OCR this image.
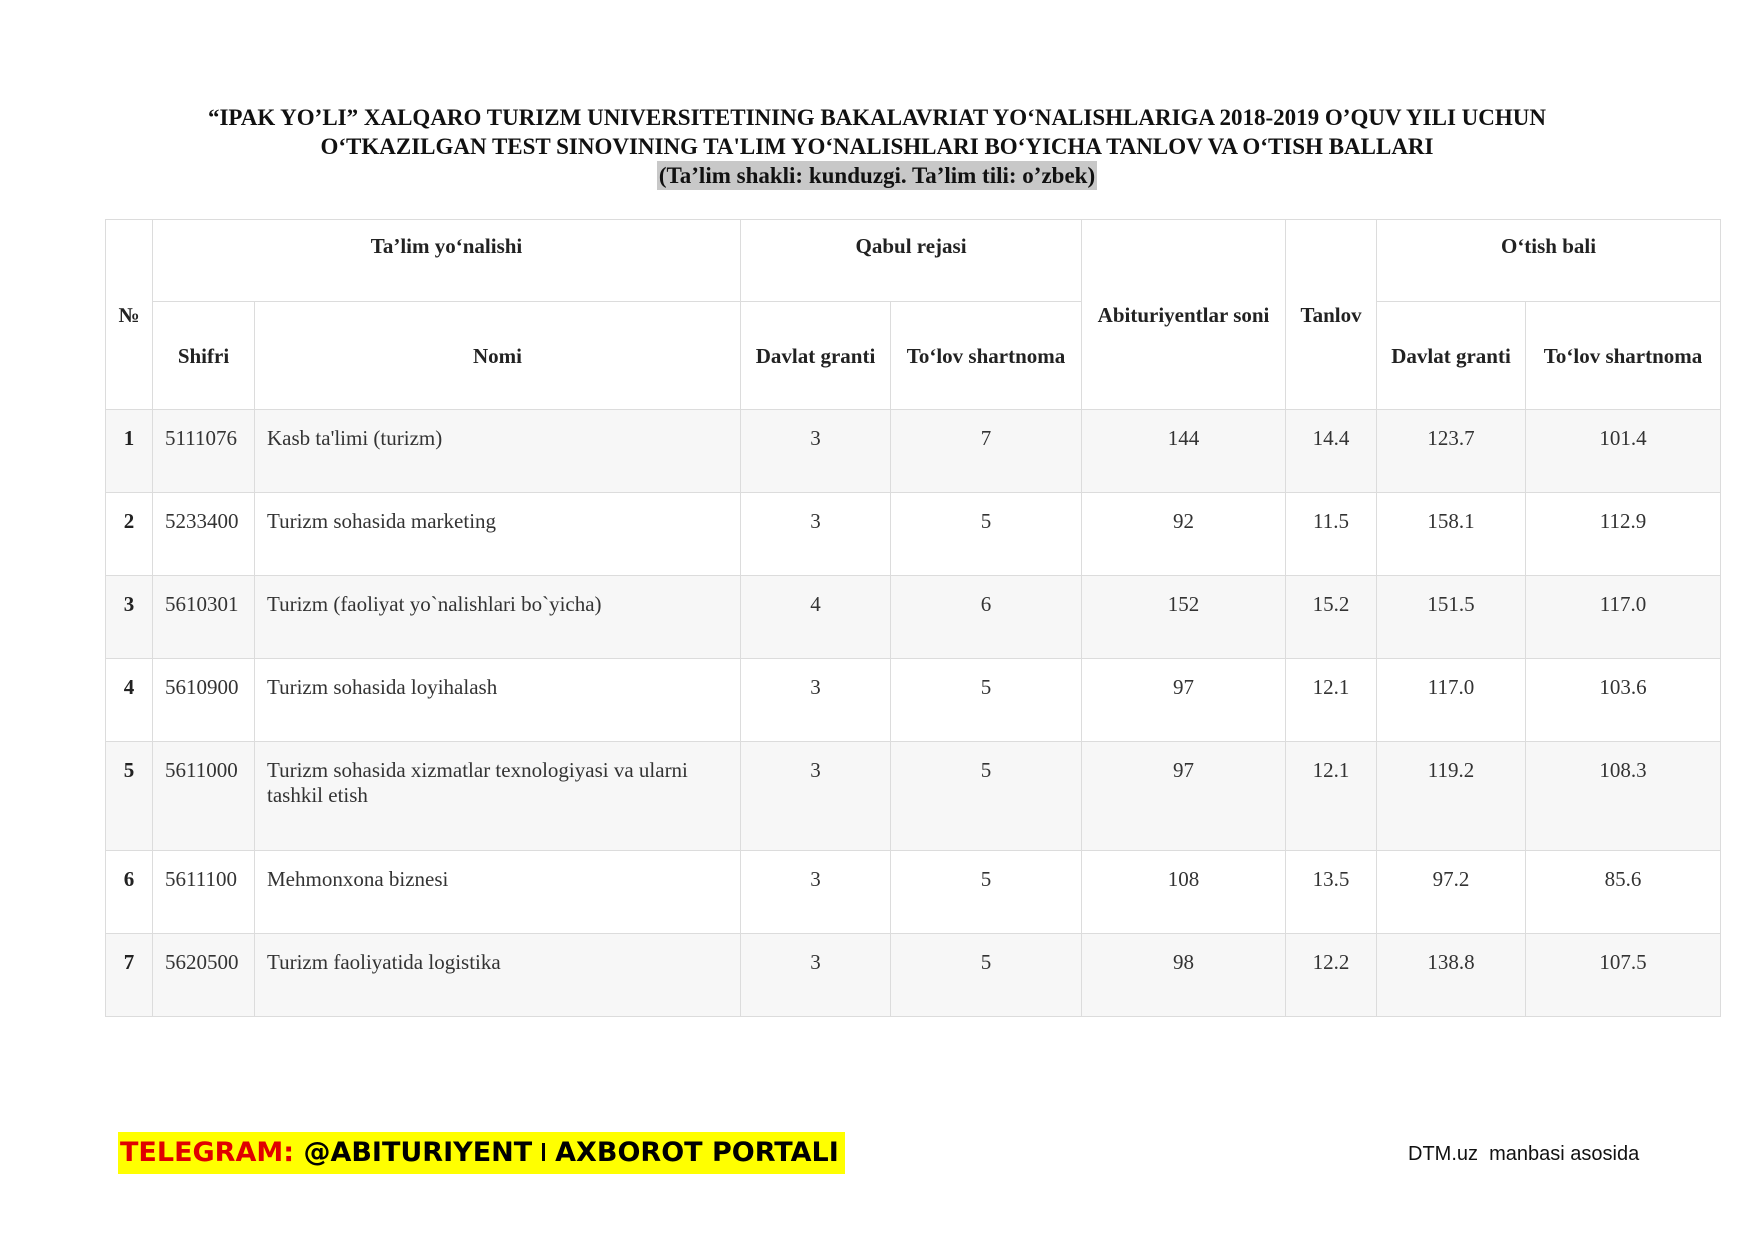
“IPAK YO’LI” XALQARO TURIZM UNIVERSITETINING BAKALAVRIAT YO‘NALISHLARIGA 2018-2019 O’QUV YILI UCHUN
O‘TKAZILGAN TEST SINOVINING TA'LIM YO‘NALISHLARI BO‘YICHA TANLOV VA O‘TISH BALLARI
(Ta’lim shakli: kunduzgi. Ta’lim tili: o’zbek)
№	Ta’lim yo‘nalishi		Qabul rejasi		Abituriyentlar soni	Tanlov	O‘tish bali	
	Shifri	Nomi	Davlat granti	To‘lov shartnoma			Davlat granti	To‘lov shartnoma
1	5111076	Kasb ta'limi (turizm)	3	7	144	14.4	123.7	101.4
2	5233400	Turizm sohasida marketing	3	5	92	11.5	158.1	112.9
3	5610301	Turizm (faoliyat yo`nalishlari bo`yicha)	4	6	152	15.2	151.5	117.0
4	5610900	Turizm sohasida loyihalash	3	5	97	12.1	117.0	103.6
5	5611000	Turizm sohasida xizmatlar texnologiyasi va ularni tashkil etish	3	5	97	12.1	119.2	108.3
6	5611100	Mehmonxona biznesi	3	5	108	13.5	97.2	85.6
7	5620500	Turizm faoliyatida logistika	3	5	98	12.2	138.8	107.5
TELEGRAM: @ABITURIYENT AXBOROT PORTALI	DTM.uz  manbasi asosida
